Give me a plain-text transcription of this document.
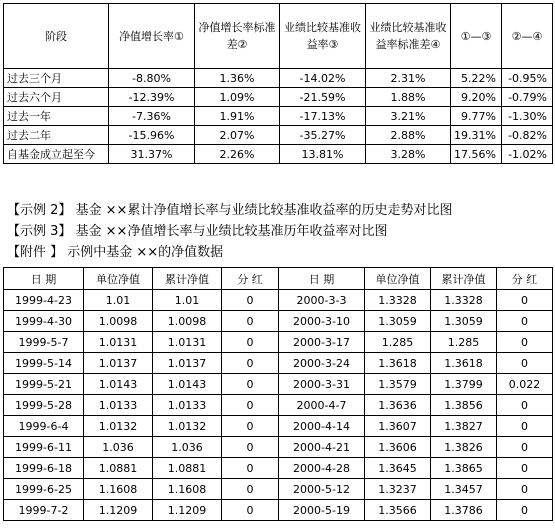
阶段	净值增长率①	净值增长率标准差②	业绩比较基准收益率③	业绩比较基准收益率标准差④	①—③	②—④
过去三个月	-8.80%	1.36%	-14.02%	2.31%	5.22%	-0.95%
过去六个月	-12.39%	1.09%	-21.59%	1.88%	9.20%	-0.79%
过去一年	-7.36%	1.91%	-17.13%	3.21%	9.77%	-1.30%
过去二年	-15.96%	2.07%	-35.27%	2.88%	19.31%	-0.82%
自基金成立起至今	31.37%	2.26%	13.81%	3.28%	17.56%	-1.02%
【示例 2】 基金 ××累计净值增长率与业绩比较基准收益率的历史走势对比图
【示例 3】 基金 ××净值增长率与业绩比较基准历年收益率对比图
【附件 】 示例中基金 ××的净值数据
日 期	单位净值	累计净值	分 红	日 期	单位净值	累计净值	分 红
1999-4-23	1.01	1.01	0	2000-3-3	1.3328	1.3328	0
1999-4-30	1.0098	1.0098	0	2000-3-10	1.3059	1.3059	0
1999-5-7	1.0131	1.0131	0	2000-3-17	1.285	1.285	0
1999-5-14	1.0137	1.0137	0	2000-3-24	1.3618	1.3618	0
1999-5-21	1.0143	1.0143	0	2000-3-31	1.3579	1.3799	0.022
1999-5-28	1.0133	1.0133	0	2000-4-7	1.3636	1.3856	0
1999-6-4	1.0132	1.0132	0	2000-4-14	1.3607	1.3827	0
1999-6-11	1.036	1.036	0	2000-4-21	1.3606	1.3826	0
1999-6-18	1.0881	1.0881	0	2000-4-28	1.3645	1.3865	0
1999-6-25	1.1608	1.1608	0	2000-5-12	1.3237	1.3457	0
1999-7-2	1.1209	1.1209	0	2000-5-19	1.3566	1.3786	0
